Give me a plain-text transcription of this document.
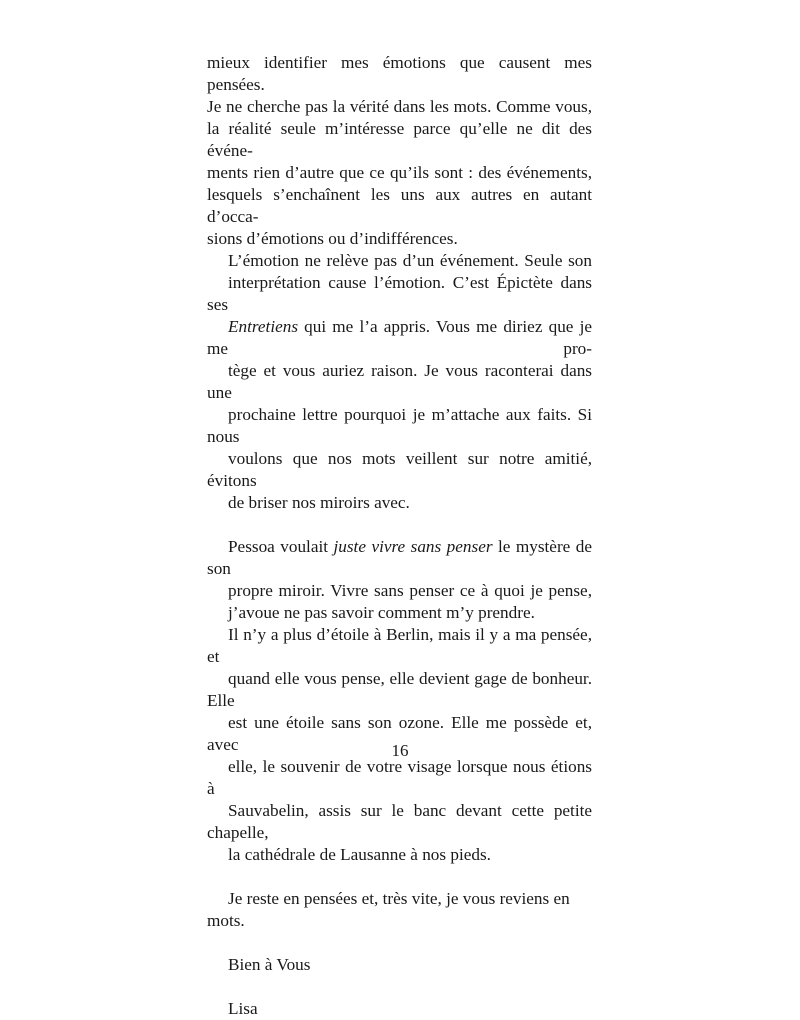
mieux identifier mes émotions que causent mes pensées.
Je ne cherche pas la vérité dans les mots. Comme vous,
la réalité seule m’intéresse parce qu’elle ne dit des événe-
ments rien d’autre que ce qu’ils sont : des événements,
lesquels s’enchaînent les uns aux autres en autant d’occa-
sions d’émotions ou d’indifférences.

L’émotion ne relève pas d’un événement. Seule son
interprétation cause l’émotion. C’est Épictète dans ses
Entretiens qui me l’a appris. Vous me diriez que je me pro-
tège et vous auriez raison. Je vous raconterai dans une
prochaine lettre pourquoi je m’attache aux faits. Si nous
voulons que nos mots veillent sur notre amitié, évitons
de briser nos miroirs avec.

Pessoa voulait juste vivre sans penser le mystère de son
propre miroir. Vivre sans penser ce à quoi je pense,
j’avoue ne pas savoir comment m’y prendre.

Il n’y a plus d’étoile à Berlin, mais il y a ma pensée, et
quand elle vous pense, elle devient gage de bonheur. Elle
est une étoile sans son ozone. Elle me possède et, avec
elle, le souvenir de votre visage lorsque nous étions à
Sauvabelin, assis sur le banc devant cette petite chapelle,
la cathédrale de Lausanne à nos pieds.

Je reste en pensées et, très vite, je vous reviens en mots.

Bien à Vous

Lisa

16
